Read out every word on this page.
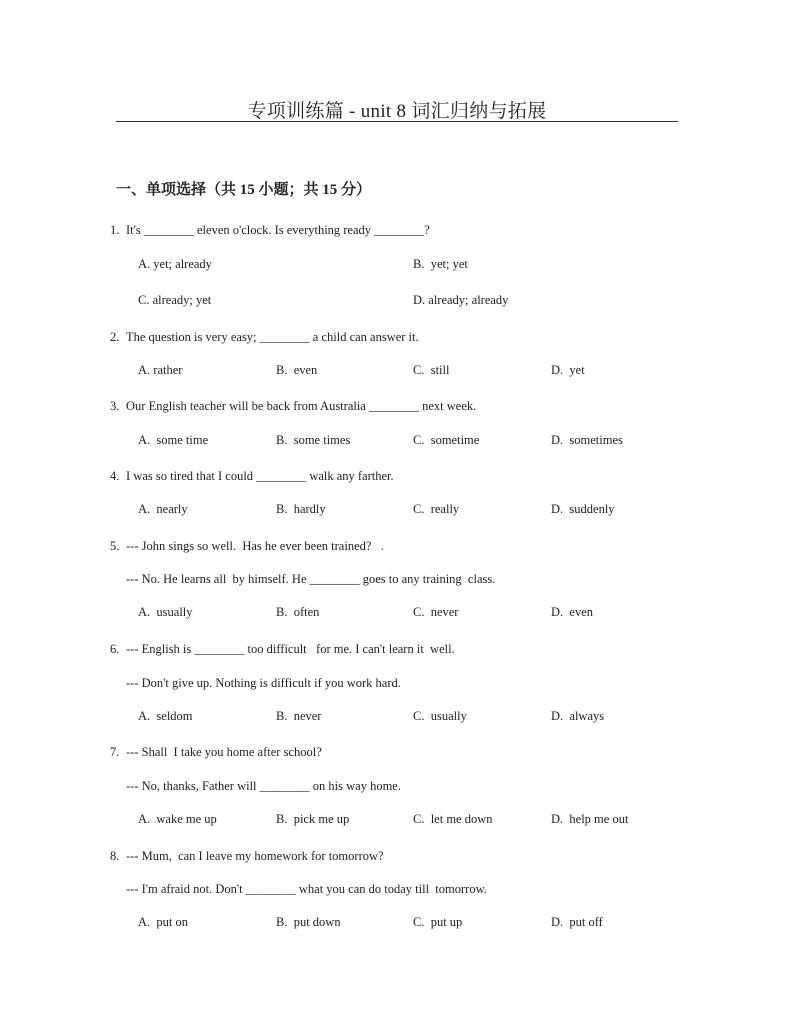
专项训练篇 - unit 8 词汇归纳与拓展
一、单项选择（共 15 小题；共 15 分）
1. It's ________ eleven o'clock. Is everything ready ________?
A. yet; already	B.  yet; yet
C. already; yet	D. already; already
2. The question is very easy; ________ a child can answer it.
A. rather	B.  even	C.  still	D.  yet
3. Our English teacher will be back from Australia ________ next week.
A.  some time	B.  some times	C.  sometime	D.  sometimes
4. I was so tired that I could ________ walk any farther.
A.  nearly	B.  hardly	C.  really	D.  suddenly
5. --- John sings so well.  Has he ever been trained?   .
--- No. He learns all  by himself. He ________ goes to any training  class.
A.  usually	B.  often	C.  never	D.  even
6. --- English is ________ too difficult   for me. I can't learn it  well.
--- Don't give up. Nothing is difficult if you work hard.
A.  seldom	B.  never	C.  usually	D.  always
7. --- Shall  I take you home after school?
--- No, thanks, Father will ________ on his way home.
A.  wake me up	B.  pick me up	C.  let me down	D.  help me out
8. --- Mum,  can I leave my homework for tomorrow?
--- I'm afraid not. Don't ________ what you can do today till  tomorrow.
A.  put on	B.  put down	C.  put up	D.  put off
